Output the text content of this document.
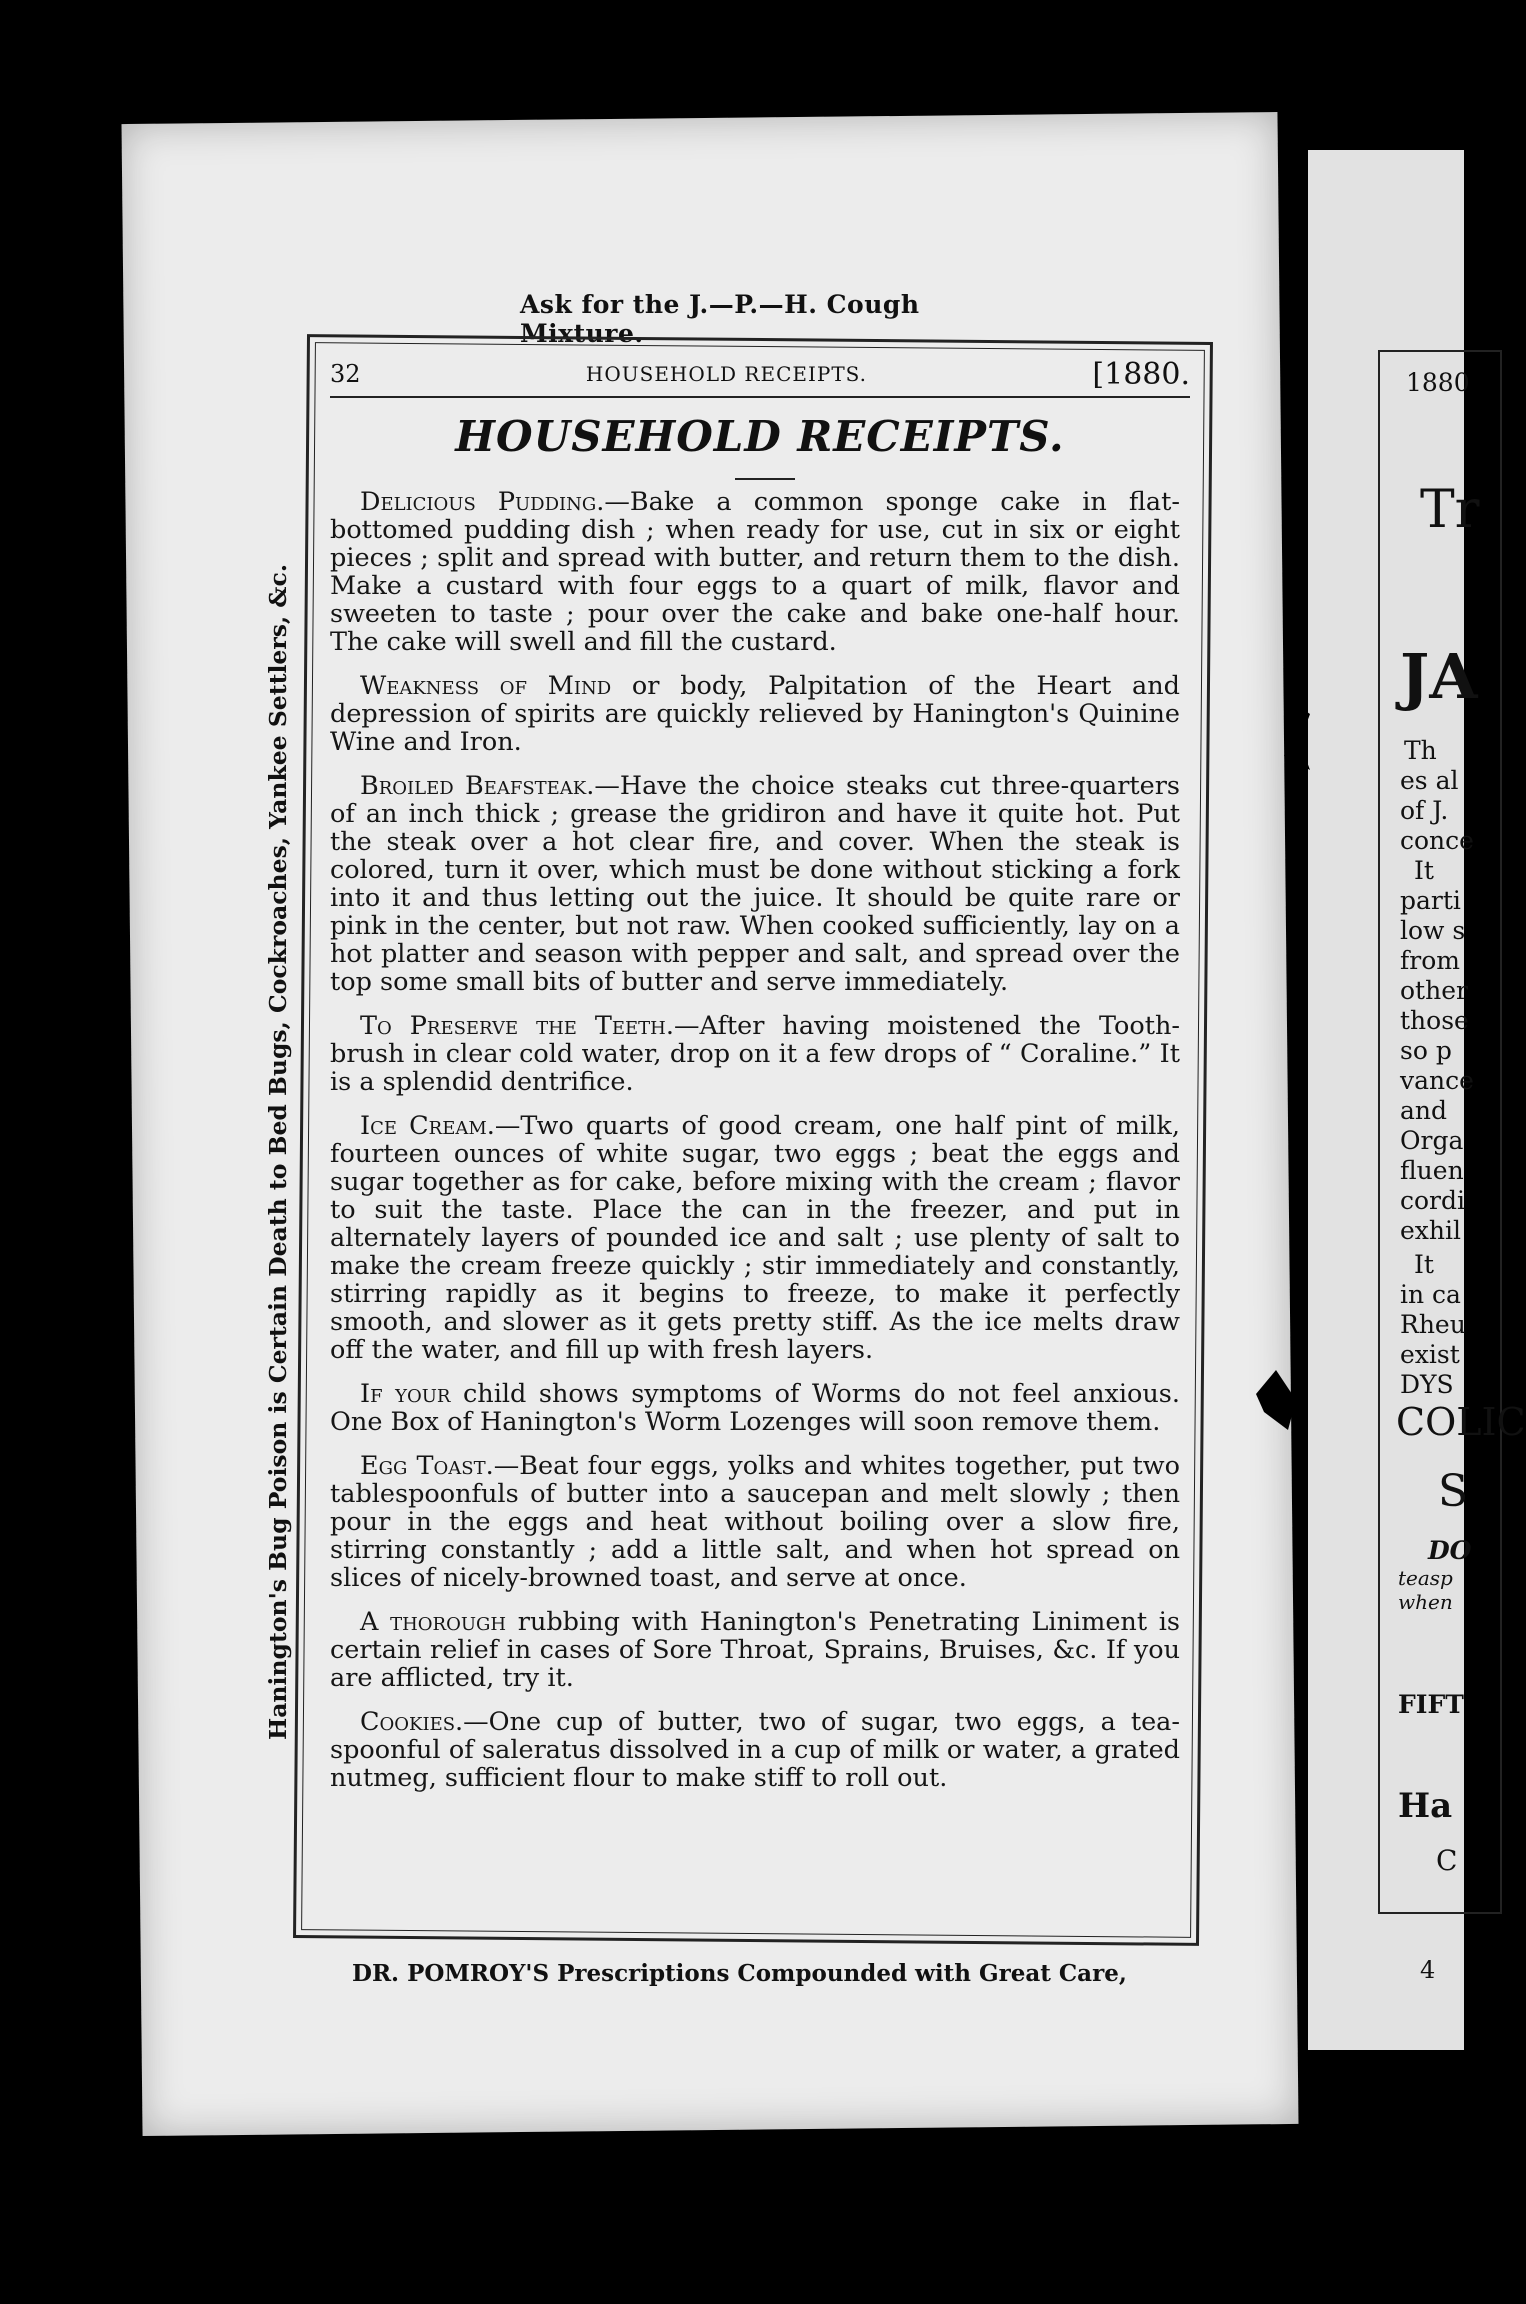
Ask for the J.—P.—H. Cough Mixture.
32	HOUSEHOLD RECEIPTS.	[1880.
HOUSEHOLD RECEIPTS.

Delicious Pudding.—Bake a common sponge cake in flat-bottomed pudding dish ; when ready for use, cut in six or eight pieces ; split and spread with butter, and return them to the dish. Make a custard with four eggs to a quart of milk, flavor and sweeten to taste ; pour over the cake and bake one-half hour. The cake will swell and fill the custard.

Weakness of Mind or body, Palpitation of the Heart and depression of spirits are quickly relieved by Hanington's Quinine Wine and Iron.

Broiled Beafsteak.—Have the choice steaks cut three-quarters of an inch thick ; grease the gridiron and have it quite hot. Put the steak over a hot clear fire, and cover. When the steak is colored, turn it over, which must be done without sticking a fork into it and thus letting out the juice. It should be quite rare or pink in the center, but not raw. When cooked sufficiently, lay on a hot platter and season with pepper and salt, and spread over the top some small bits of butter and serve immediately.

To Preserve the Teeth.—After having moistened the Tooth-brush in clear cold water, drop on it a few drops of “ Coraline.” It is a splendid dentrifice.

Ice Cream.—Two quarts of good cream, one half pint of milk, fourteen ounces of white sugar, two eggs ; beat the eggs and sugar together as for cake, before mixing with the cream ; flavor to suit the taste. Place the can in the freezer, and put in alternately layers of pounded ice and salt ; use plenty of salt to make the cream freeze quickly ; stir immediately and constantly, stirring rapidly as it begins to freeze, to make it perfectly smooth, and slower as it gets pretty stiff. As the ice melts draw off the water, and fill up with fresh layers.

If your child shows symptoms of Worms do not feel anxious. One Box of Hanington's Worm Lozenges will soon remove them.

Egg Toast.—Beat four eggs, yolks and whites together, put two tablespoonfuls of butter into a saucepan and melt slowly ; then pour in the eggs and heat without boiling over a slow fire, stirring constantly ; add a little salt, and when hot spread on slices of nicely-browned toast, and serve at once.

A thorough rubbing with Hanington's Penetrating Liniment is certain relief in cases of Sore Throat, Sprains, Bruises, &c. If you are afflicted, try it.

Cookies.—One cup of butter, two of sugar, two eggs, a tea-spoonful of saleratus dissolved in a cup of milk or water, a grated nutmeg, sufficient flour to make stiff to roll out.

Hanington's Bug Poison is Certain Death to Bed Bugs, Cockroaches, Yankee Settlers, &c.
DR. POMROY'S Prescriptions Compounded with Great Care,
1880
Tr
JA
Th
es al
of J.
conce
It
parti
low s
from
other
those
so p
vance
and
Orga
fluen
cordi
exhil
It
in ca
Rheu
exist
DYS
COLIC
S
DO
teasp
when
FIFT
Ha
C
4
